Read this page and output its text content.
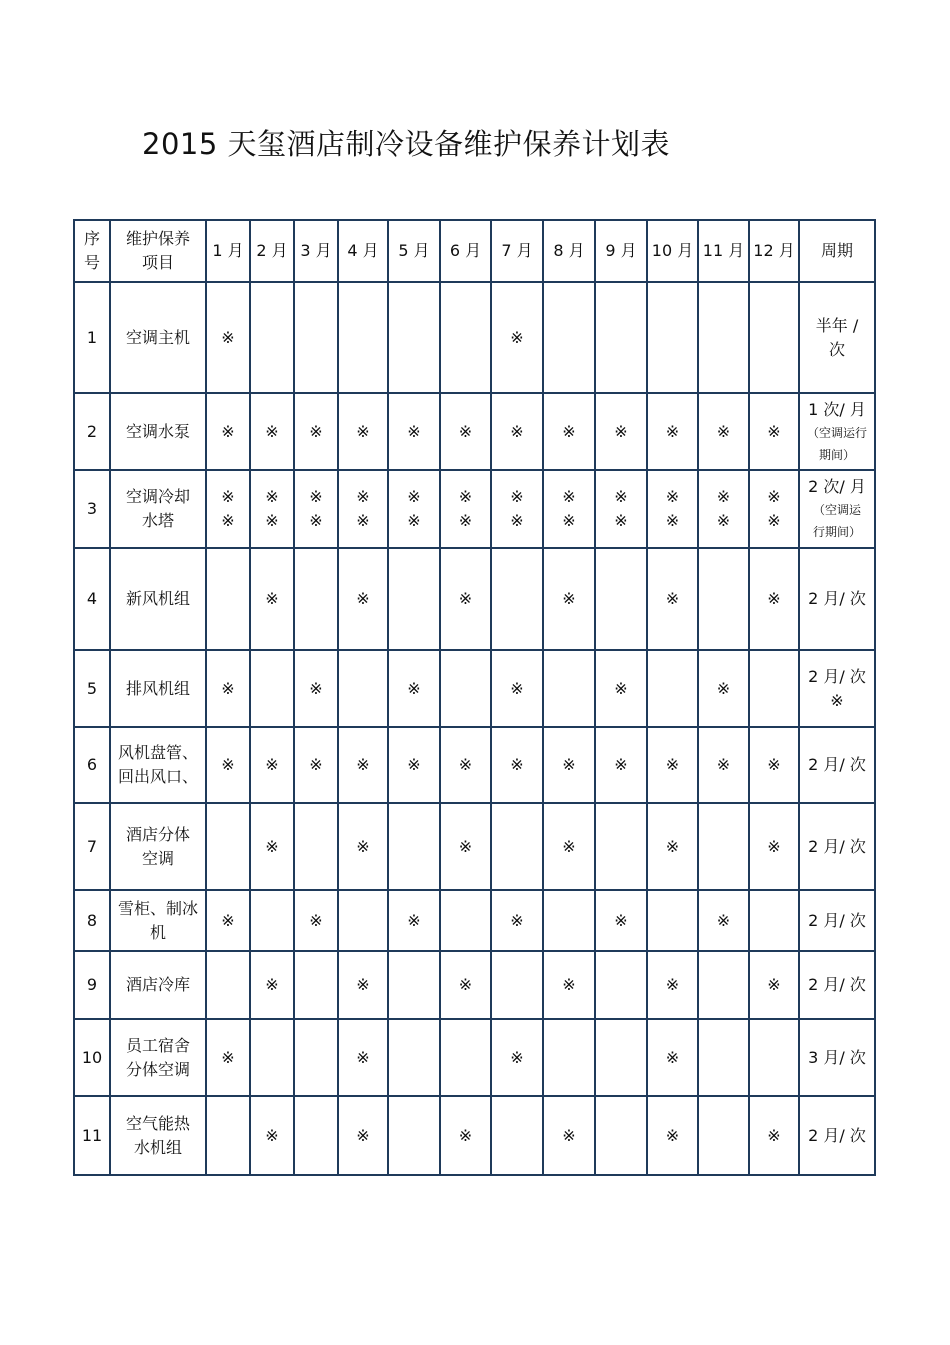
2015 天玺酒店制冷设备维护保养计划表
序
号	维护保养
项目	1 月	2 月	3 月	4 月	5 月	6 月	7 月	8 月	9 月	10 月	11 月	12 月	周期
1	空调主机	※						※						半年 /
次
2	空调水泵	※	※	※	※	※	※	※	※	※	※	※	※	1 次/ 月
（空调运行
期间）

3	空调冷却
水塔	※
※	※
※	※
※	※
※	※
※	※
※	※
※	※
※	※
※	※
※	※
※	※
※	2 次/ 月
（空调运
行期间）

4	新风机组		※		※		※		※		※		※	2 月/ 次
5	排风机组	※		※		※		※		※		※		2 月/ 次
※
6	风机盘管、
回出风口、	※	※	※	※	※	※	※	※	※	※	※	※	2 月/ 次
7	酒店分体
空调		※		※		※		※		※		※	2 月/ 次
8	雪柜、制冰
机	※		※		※		※		※		※		2 月/ 次
9	酒店冷库		※		※		※		※		※		※	2 月/ 次
10	员工宿舍
分体空调	※			※			※			※			3 月/ 次
11	空气能热
水机组		※		※		※		※		※		※	2 月/ 次
